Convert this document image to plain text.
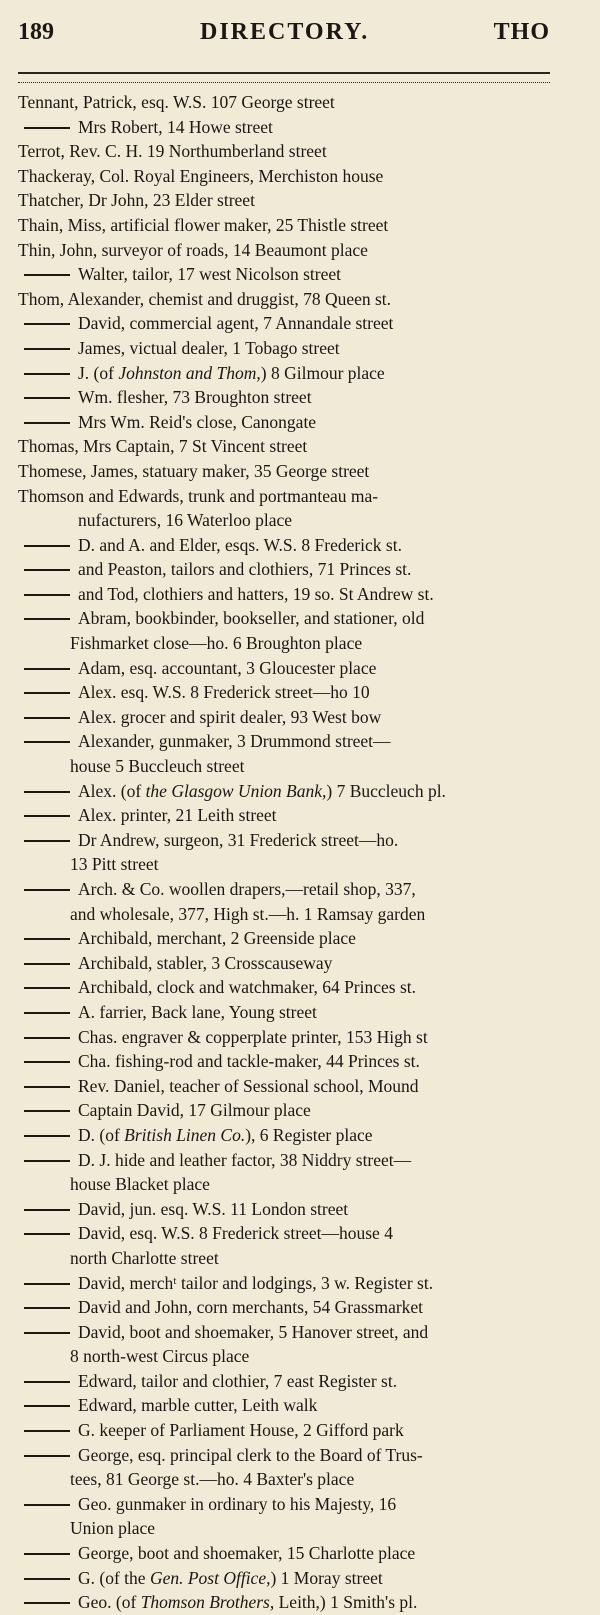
189	DIRECTORY.	THO
Tennant, Patrick, esq. W.S. 107 George street
Mrs Robert, 14 Howe street
Terrot, Rev. C. H. 19 Northumberland street
Thackeray, Col. Royal Engineers, Merchiston house
Thatcher, Dr John, 23 Elder street
Thain, Miss, artificial flower maker, 25 Thistle street
Thin, John, surveyor of roads, 14 Beaumont place
Walter, tailor, 17 west Nicolson street
Thom, Alexander, chemist and druggist, 78 Queen st.
David, commercial agent, 7 Annandale street
James, victual dealer, 1 Tobago street
J. (of Johnston and Thom,) 8 Gilmour place
Wm. flesher, 73 Broughton street
Mrs Wm. Reid's close, Canongate
Thomas, Mrs Captain, 7 St Vincent street
Thomese, James, statuary maker, 35 George street
Thomson and Edwards, trunk and portmanteau ma-
nufacturers, 16 Waterloo place
D. and A. and Elder, esqs. W.S. 8 Frederick st.
and Peaston, tailors and clothiers, 71 Princes st.
and Tod, clothiers and hatters, 19 so. St Andrew st.
Abram, bookbinder, bookseller, and stationer, old
Fishmarket close—ho. 6 Broughton place
Adam, esq. accountant, 3 Gloucester place
Alex. esq. W.S. 8 Frederick street—ho 10
Alex. grocer and spirit dealer, 93 West bow
Alexander, gunmaker, 3 Drummond street—
house 5 Buccleuch street
Alex. (of the Glasgow Union Bank,) 7 Buccleuch pl.
Alex. printer, 21 Leith street
Dr Andrew, surgeon, 31 Frederick street—ho.
13 Pitt street
Arch. & Co. woollen drapers,—retail shop, 337,
and wholesale, 377, High st.—h. 1 Ramsay garden
Archibald, merchant, 2 Greenside place
Archibald, stabler, 3 Crosscauseway
Archibald, clock and watchmaker, 64 Princes st.
A. farrier, Back lane, Young street
Chas. engraver & copperplate printer, 153 High st
Cha. fishing-rod and tackle-maker, 44 Princes st.
Rev. Daniel, teacher of Sessional school, Mound
Captain David, 17 Gilmour place
D. (of British Linen Co.), 6 Register place
D. J. hide and leather factor, 38 Niddry street—
house Blacket place
David, jun. esq. W.S. 11 London street
David, esq. W.S. 8 Frederick street—house 4
north Charlotte street
David, merchᵗ tailor and lodgings, 3 w. Register st.
David and John, corn merchants, 54 Grassmarket
David, boot and shoemaker, 5 Hanover street, and
8 north-west Circus place
Edward, tailor and clothier, 7 east Register st.
Edward, marble cutter, Leith walk
G. keeper of Parliament House, 2 Gifford park
George, esq. principal clerk to the Board of Trus-
tees, 81 George st.—ho. 4 Baxter's place
Geo. gunmaker in ordinary to his Majesty, 16
Union place
George, boot and shoemaker, 15 Charlotte place
G. (of the Gen. Post Office,) 1 Moray street
Geo. (of Thomson Brothers, Leith,) 1 Smith's pl.
